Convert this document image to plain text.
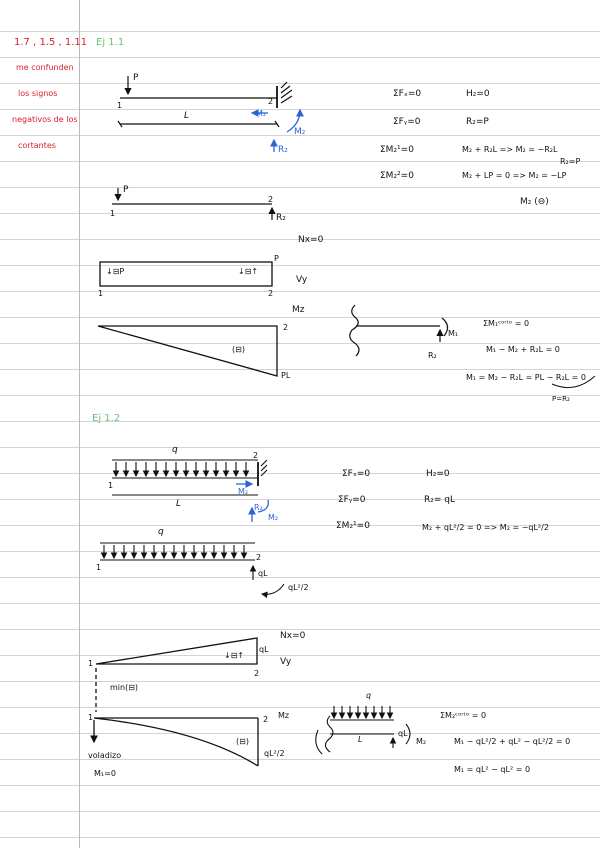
1.7 , 1.5 , 1.11
me confunden
los signos
negativos de los
cortantes
Ej 1.1
P
1	2
L	M₂
R₂
M₂
ΣFₓ=0	H₂=0
ΣFᵧ=0	R₂=P
ΣM₂¹=0	M₂ + R₂L => M₂ = −R₂L
R₂=P
ΣM₂²=0	M₂ + LP = 0 => M₂ = −LP
M₂ (⊖)
P
1
2
R₂
Nx=0
P
↓⊟P	↓⊟↑
Vy
1	2
Mz
2
(⊟)
PL
M₁
R₂
ΣM₁ᶜᵒʳᵗᵒ = 0
M₁ − M₂ + R₂L = 0
M₁ = M₂ − R₂L = PL − R₂L = 0
P=R₂
Ej 1.2
q
1
2
L
M₂
R₂
M₂
ΣFₓ=0	H₂=0
ΣFᵧ=0	R₂= qL
ΣM₂¹=0	M₂ + qL²/2 = 0 => M₂ = −qL²/2
q
1
2
qL
qL²/2
Nx=0
↓⊟↑
qL
Vy
1
2
min(⊟)
1	2 Mz
(⊟)
qL²/2
voladizo
M₁=0
q
L
qL
M₂
ΣM₂ᶜᵒʳᵗᵒ = 0
M₁ − qL²/2 + qL² − qL²/2 = 0
M₁ = qL² − qL² = 0
